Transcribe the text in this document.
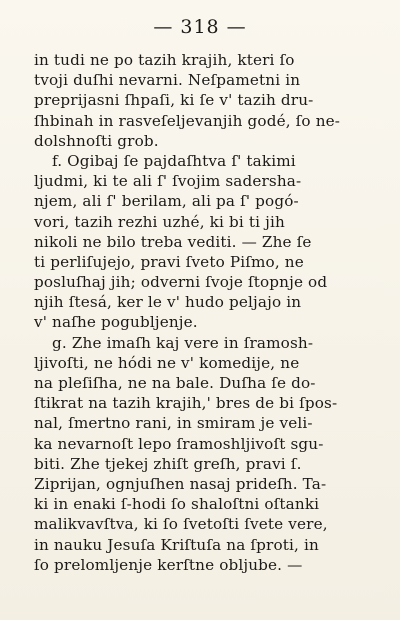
— 318 —
in tudi ne po tazih krajih, kteri ſo
tvoji duſhi nevarni. Neſpametni in
preprijasni ſhpaſi, ki ſe v' tazih dru-
ſhbinah in rasveſeljevanjih godé, ſo ne-
dolshnoſti grob.
f. Ogibaj ſe pajdaſhtva ſ' takimi
ljudmi, ki te ali ſ' ſvojim sadersha-
njem, ali ſ' berilam, ali pa ſ' pogó-
vori, tazih rezhi uzhé, ki bi ti jih
nikoli ne bilo treba vediti. — Zhe ſe
ti perliſujejo, pravi ſveto Piſmo, ne
posluſhaj jih; odverni ſvoje ſtopnje od
njih ſtesá, ker le v' hudo peljajo in
v' naſhe pogubljenje.
g. Zhe imaſh kaj vere in ſramosh-
ljivoſti, ne hódi ne v' komedije, ne
na pleſiſha, ne na bale. Duſha ſe do-
ſtikrat na tazih krajih,' bres de bi ſpos-
nal, ſmertno rani, in smiram je veli-
ka nevarnoſt lepo ſramoshljivoſt sgu-
biti. Zhe tjekej zhiſt greſh, pravi ſ.
Ziprijan, ognjuſhen nasaj prideſh. Ta-
ki in enaki ſ-hodi ſo shaloſtni oſtanki
malikvavſtva, ki ſo ſvetoſti ſvete vere,
in nauku Jesuſa Kriſtuſa na ſproti, in
ſo prelomljenje kerſtne obljube. —
